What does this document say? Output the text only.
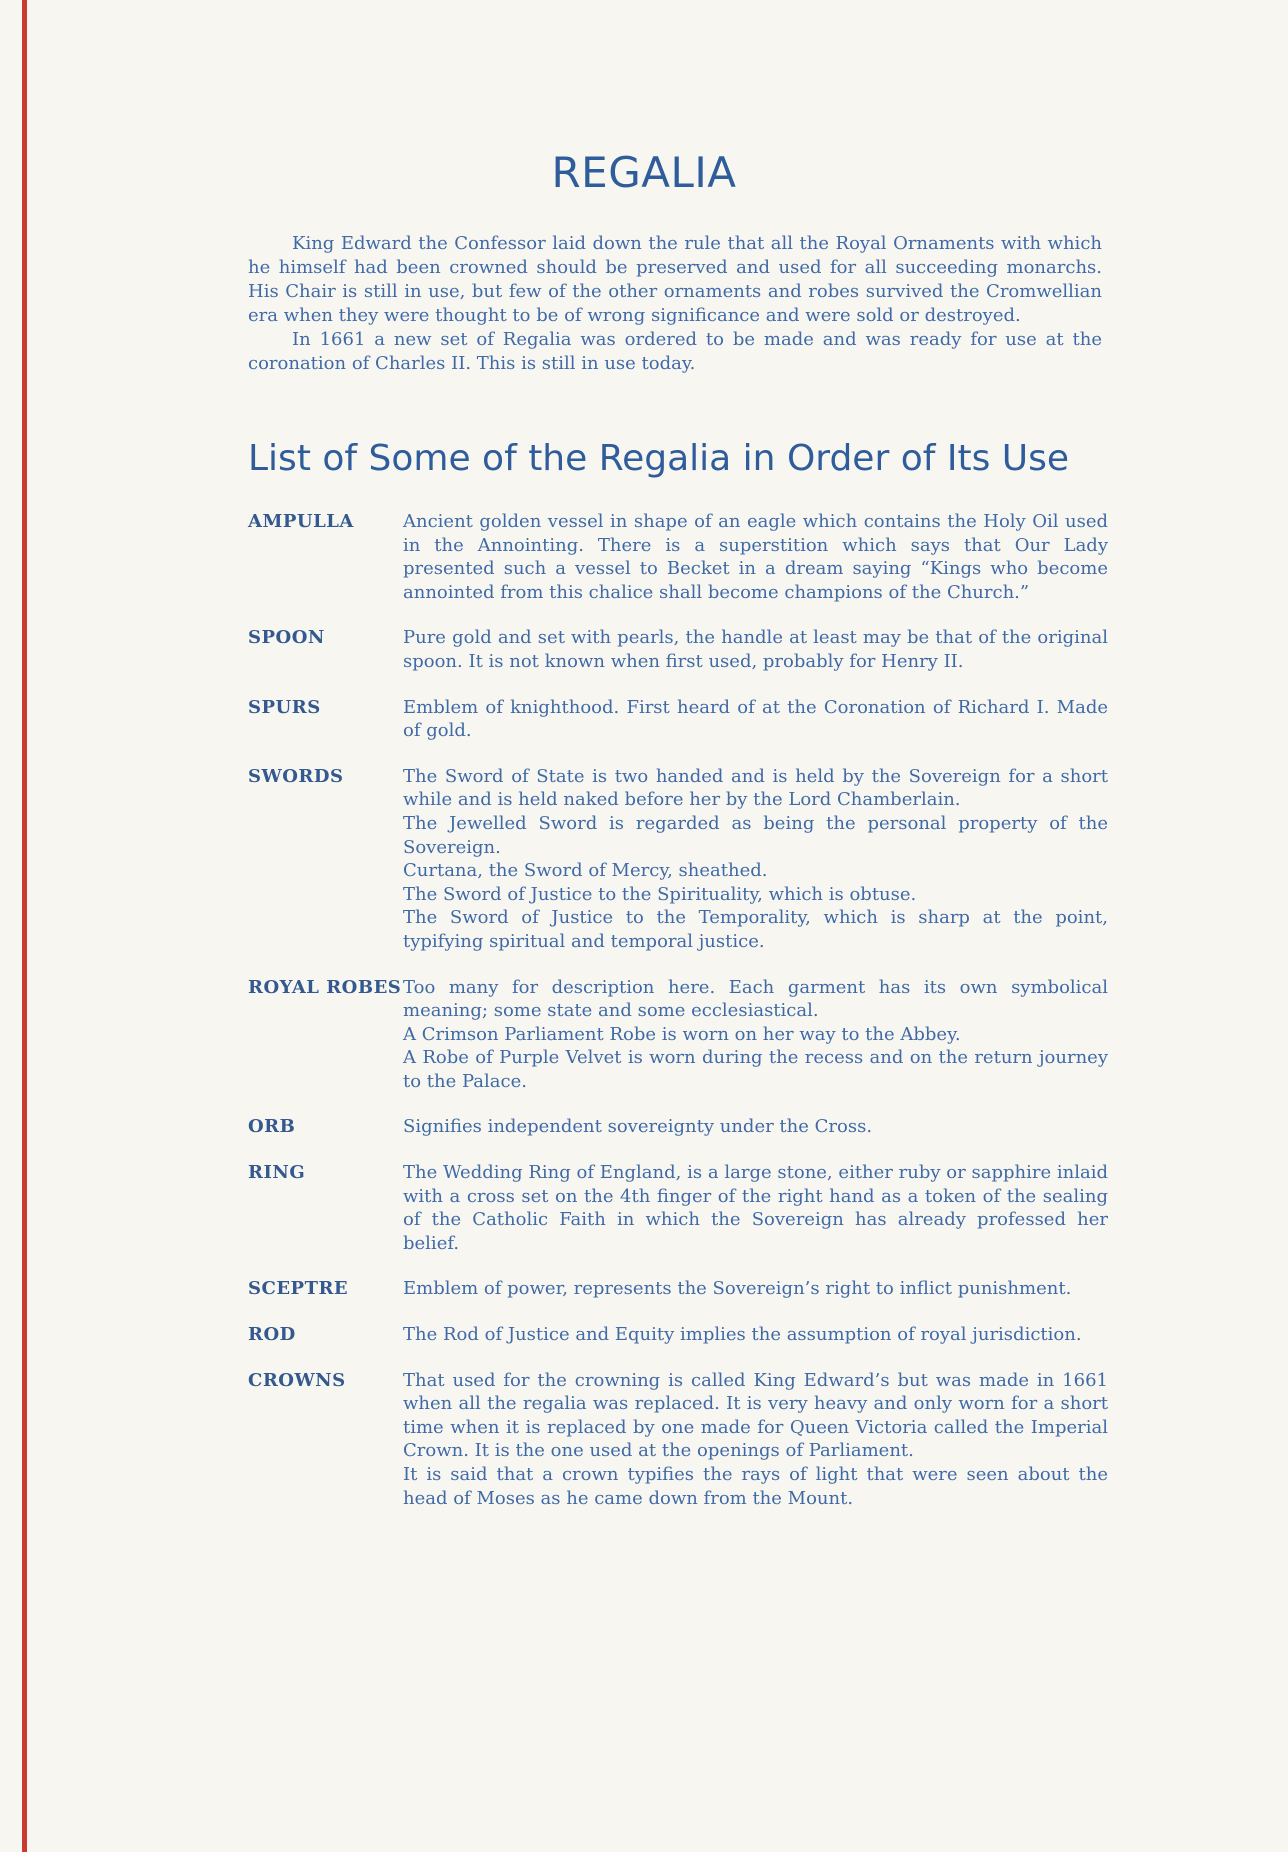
REGALIA

King Edward the Confessor laid down the rule that all the Royal Ornaments with which he himself had been crowned should be preserved and used for all succeeding monarchs. His Chair is still in use, but few of the other ornaments and robes survived the Cromwellian era when they were thought to be of wrong significance and were sold or destroyed.

In 1661 a new set of Regalia was ordered to be made and was ready for use at the coronation of Charles II. This is still in use today.

List of Some of the Regalia in Order of Its Use
AMPULLA	Ancient golden vessel in shape of an eagle which contains the Holy Oil used in the Annointing. There is a superstition which says that Our Lady presented such a vessel to Becket in a dream saying “Kings who become annointed from this chalice shall become champions of the Church.”

SPOON	Pure gold and set with pearls, the handle at least may be that of the original spoon. It is not known when first used, probably for Henry II.

SPURS	Emblem of knighthood. First heard of at the Coronation of Richard I. Made of gold.

SWORDS	The Sword of State is two handed and is held by the Sovereign for a short while and is held naked before her by the Lord Chamberlain.

The Jewelled Sword is regarded as being the personal property of the Sovereign.

Curtana, the Sword of Mercy, sheathed.

The Sword of Justice to the Spirituality, which is obtuse.

The Sword of Justice to the Temporality, which is sharp at the point, typifying spiritual and temporal justice.

ROYAL ROBES Too many for description here. Each garment has its own symbolical meaning; some state and some ecclesiastical.

A Crimson Parliament Robe is worn on her way to the Abbey.

A Robe of Purple Velvet is worn during the recess and on the return journey to the Palace.

ORB	Signifies independent sovereignty under the Cross.

RING	The Wedding Ring of England, is a large stone, either ruby or sapphire inlaid with a cross set on the 4th finger of the right hand as a token of the sealing of the Catholic Faith in which the Sovereign has already professed her belief.

SCEPTRE	Emblem of power, represents the Sovereign’s right to inflict punishment.

ROD	The Rod of Justice and Equity implies the assumption of royal jurisdiction.

CROWNS	That used for the crowning is called King Edward’s but was made in 1661 when all the regalia was replaced. It is very heavy and only worn for a short time when it is replaced by one made for Queen Victoria called the Imperial Crown. It is the one used at the openings of Parliament.

It is said that a crown typifies the rays of light that were seen about the head of Moses as he came down from the Mount.
